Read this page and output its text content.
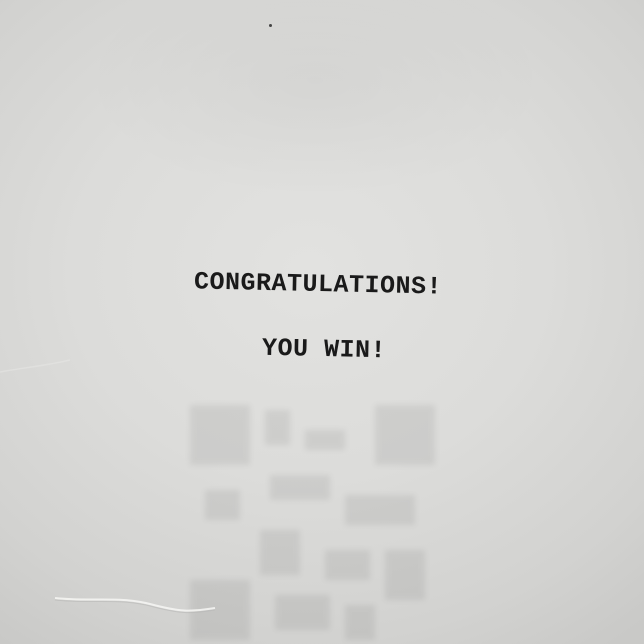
CONGRATULATIONS!
YOU WIN!
